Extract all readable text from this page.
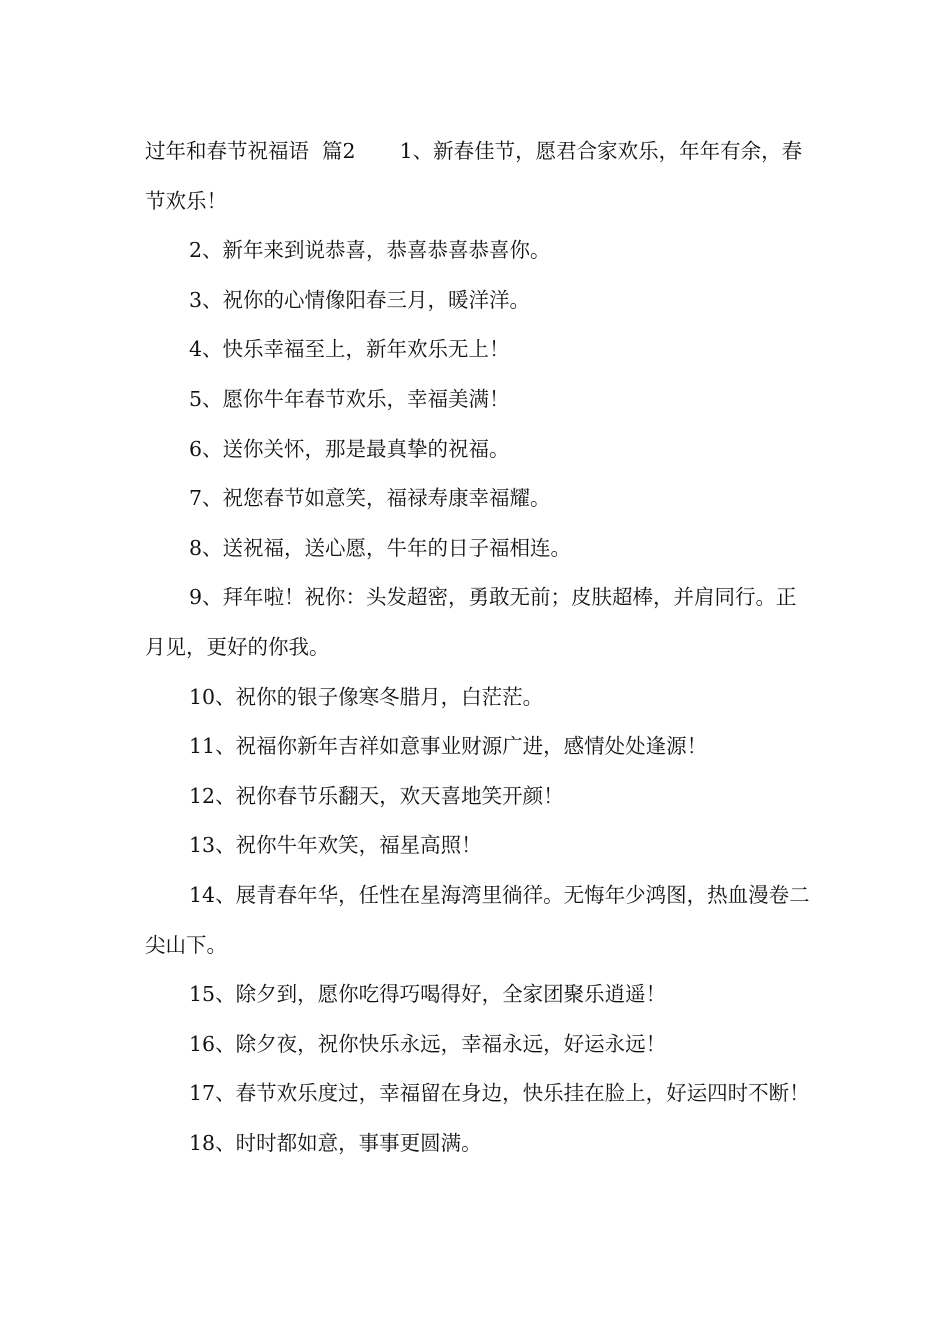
过年和春节祝福语  篇2 1、新春佳节，愿君合家欢乐，年年有余，春节欢乐！

2、新年来到说恭喜，恭喜恭喜恭喜你。

3、祝你的心情像阳春三月，暖洋洋。

4、快乐幸福至上，新年欢乐无上！

5、愿你牛年春节欢乐，幸福美满！

6、送你关怀，那是最真挚的祝福。

7、祝您春节如意笑，福禄寿康幸福耀。

8、送祝福，送心愿，牛年的日子福相连。

9、拜年啦！祝你：头发超密，勇敢无前；皮肤超棒，并肩同行。正月见，更好的你我。

10、祝你的银子像寒冬腊月，白茫茫。

11、祝福你新年吉祥如意事业财源广进，感情处处逢源！

12、祝你春节乐翻天，欢天喜地笑开颜！

13、祝你牛年欢笑，福星高照！

14、展青春年华，任性在星海湾里徜徉。无悔年少鸿图，热血漫卷二尖山下。

15、除夕到，愿你吃得巧喝得好，全家团聚乐逍遥！

16、除夕夜，祝你快乐永远，幸福永远，好运永远！

17、春节欢乐度过，幸福留在身边，快乐挂在脸上，好运四时不断！

18、时时都如意，事事更圆满。
